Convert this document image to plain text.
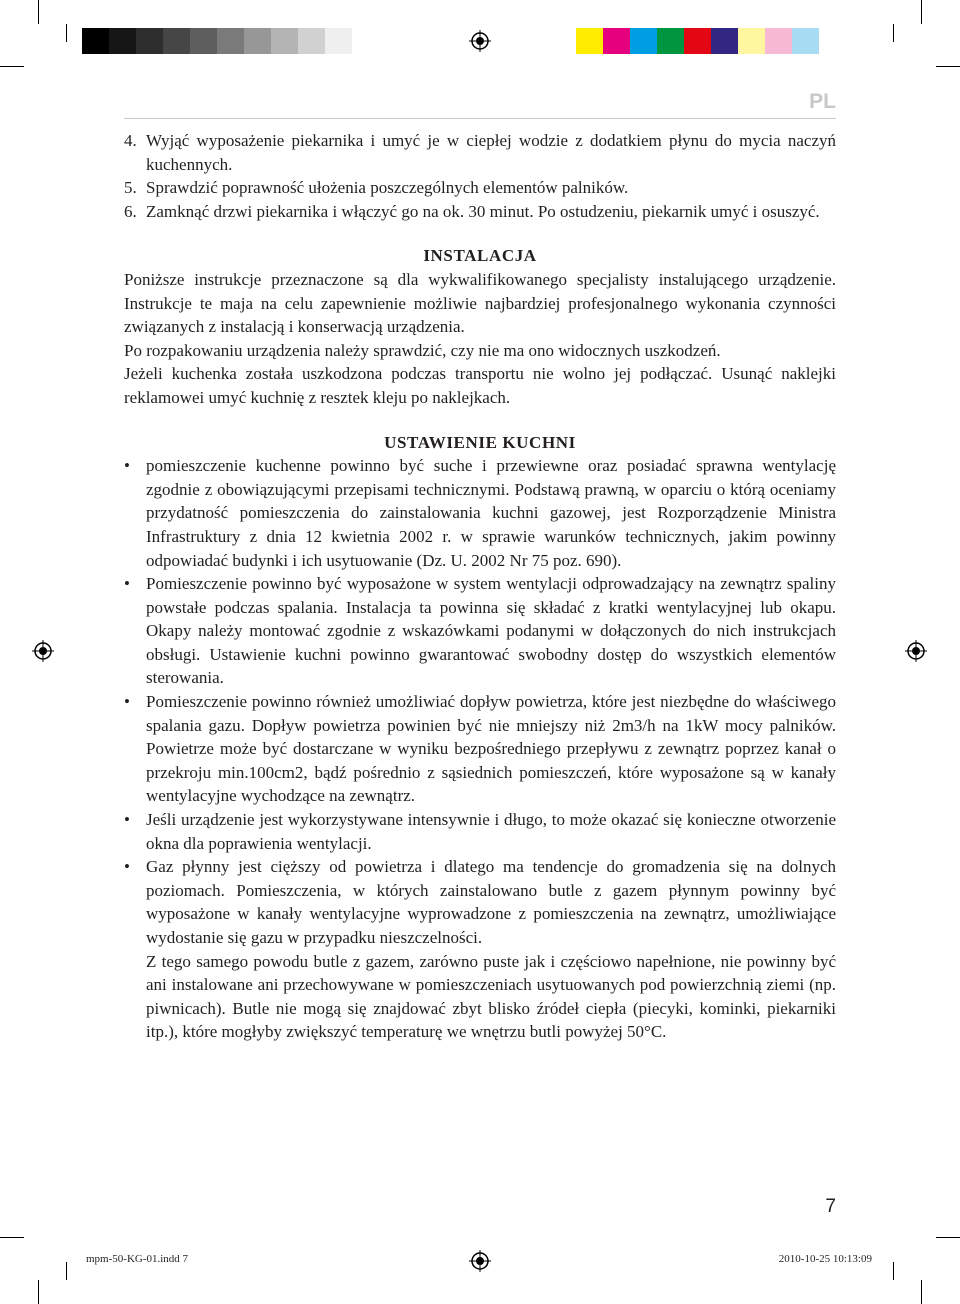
PL
4. Wyjąć wyposażenie piekarnika i umyć je w ciepłej wodzie z dodatkiem płynu do mycia naczyń kuchennych.
5. Sprawdzić poprawność ułożenia poszczególnych elementów palników.
6. Zamknąć drzwi piekarnika i włączyć go na ok. 30 minut. Po ostudzeniu, piekarnik umyć i osuszyć.
INSTALACJA
Poniższe instrukcje przeznaczone są dla wykwalifikowanego specjalisty instalującego urządzenie. Instrukcje te maja na celu zapewnienie możliwie najbardziej profesjonalnego wykonania czynności związanych z instalacją i konserwacją urządzenia.
Po rozpakowaniu urządzenia należy sprawdzić, czy nie ma ono widocznych uszkodzeń.
Jeżeli kuchenka została uszkodzona podczas transportu nie wolno jej podłączać. Usunąć naklejki reklamowei umyć kuchnię z resztek kleju po naklejkach.
USTAWIENIE KUCHNI
• pomieszczenie kuchenne powinno być suche i przewiewne oraz posiadać sprawna wentylację zgodnie z obowiązującymi przepisami technicznymi. Podstawą prawną, w oparciu o którą oceniamy przydatność pomieszczenia do zainstalowania kuchni gazowej, jest Rozporządzenie Ministra Infrastruktury z dnia 12 kwietnia 2002 r. w sprawie warunków technicznych, jakim powinny odpowiadać budynki i ich usytuowanie (Dz. U. 2002 Nr 75 poz. 690).
• Pomieszczenie powinno być wyposażone w system wentylacji odprowadzający na zewnątrz spaliny powstałe podczas spalania. Instalacja ta powinna się składać z kratki wentylacyjnej lub okapu. Okapy należy montować zgodnie z wskazówkami podanymi w dołączonych do nich instrukcjach obsługi. Ustawienie kuchni powinno gwarantować swobodny dostęp do wszystkich elementów sterowania.
• Pomieszczenie powinno również umożliwiać dopływ powietrza, które jest niezbędne do właściwego spalania gazu. Dopływ powietrza powinien być nie mniejszy niż 2m3/h na 1kW mocy palników. Powietrze może być dostarczane w wyniku bezpośredniego przepływu z zewnątrz poprzez kanał o przekroju min.100cm2, bądź pośrednio z sąsiednich pomieszczeń, które wyposażone są w kanały wentylacyjne wychodzące na zewnątrz.
• Jeśli urządzenie jest wykorzystywane intensywnie i długo, to może okazać się konieczne otworzenie okna dla poprawienia wentylacji.
• Gaz płynny jest cięższy od powietrza i dlatego ma tendencje do gromadzenia się na dolnych poziomach. Pomieszczenia, w których zainstalowano butle z gazem płynnym powinny być wyposażone w kanały wentylacyjne wyprowadzone z pomieszczenia na zewnątrz, umożliwiające wydostanie się gazu w przypadku nieszczelności.
Z tego samego powodu butle z gazem, zarówno puste jak i częściowo napełnione, nie powinny być ani instalowane ani przechowywane w pomieszczeniach usytuowanych pod powierzchnią ziemi (np. piwnicach). Butle nie mogą się znajdować zbyt blisko źródeł ciepła (piecyki, kominki, piekarniki itp.), które mogłyby zwiększyć temperaturę we wnętrzu butli powyżej 50°C.
7
mpm-50-KG-01.indd 7	2010-10-25 10:13:09
